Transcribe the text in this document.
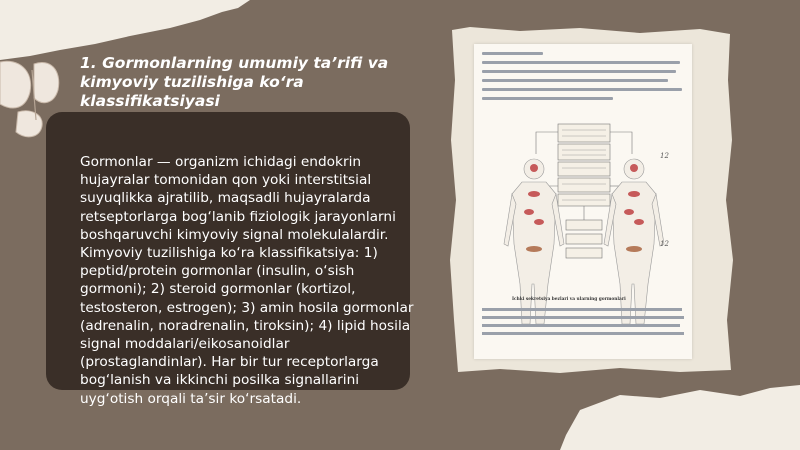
1. Gormonlarning umumiy ta’rifi va kimyoviy tuzilishiga ko‘ra klassifikatsiyasi
Gormonlar — organizm ichidagi endokrin hujayralar tomonidan qon yoki interstitsial suyuqlikka ajratilib, maqsadli hujayralarda retseptorlarga bog‘lanib fiziologik jarayonlarni boshqaruvchi kimyoviy signal molekulalardir. Kimyoviy tuzilishiga ko‘ra klassifikatsiya: 1) peptid/protein gormonlar (insulin, o‘sish gormoni); 2) steroid gormonlar (kortizol, testosteron, estrogen); 3) amin hosila gormonlar (adrenalin, noradrenalin, tiroksin); 4) lipid hosila signal moddalari/eikosanoidlar (prostaglandinlar). Har bir tur receptorlarga bog‘lanish va ikkinchi posilka signallarini uyg‘otish orqali ta’sir ko‘rsatadi.
Ichki sekretsiya bezlari va ularning gormonlari
12
12
